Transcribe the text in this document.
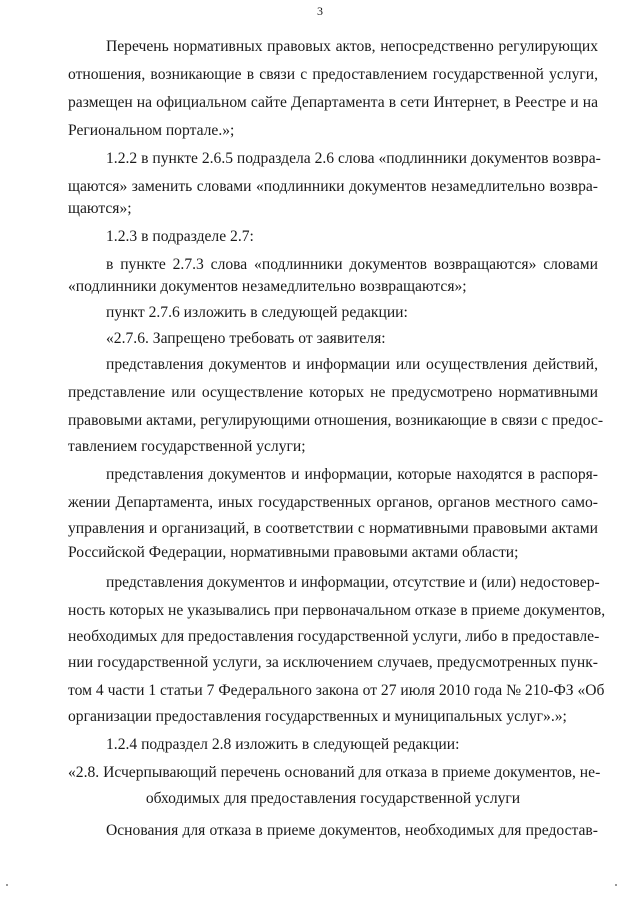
3
Перечень нормативных правовых актов, непосредственно регулирующих
отношения, возникающие в связи с предоставлением государственной услуги,
размещен на официальном сайте Департамента в сети Интернет, в Реестре и на
Региональном портале.»;
1.2.2 в пункте 2.6.5 подраздела 2.6 слова «подлинники документов возвра-
щаются» заменить словами «подлинники документов незамедлительно возвра-
щаются»;
1.2.3 в подразделе 2.7:
в пункте 2.7.3 слова «подлинники документов возвращаются» словами
«подлинники документов незамедлительно возвращаются»;
пункт 2.7.6 изложить в следующей редакции:
«2.7.6. Запрещено требовать от заявителя:
представления документов и информации или осуществления действий,
представление или осуществление которых не предусмотрено нормативными
правовыми актами, регулирующими отношения, возникающие в связи с предос-
тавлением государственной услуги;
представления документов и информации, которые находятся в распоря-
жении Департамента, иных государственных органов, органов местного само-
управления и организаций, в соответствии с нормативными правовыми актами
Российской Федерации, нормативными правовыми актами области;
представления документов и информации, отсутствие и (или) недостовер-
ность которых не указывались при первоначальном отказе в приеме документов,
необходимых для предоставления государственной услуги, либо в предоставле-
нии государственной услуги, за исключением случаев, предусмотренных пунк-
том 4 части 1 статьи 7 Федерального закона от 27 июля 2010 года № 210-ФЗ «Об
организации предоставления государственных и муниципальных услуг».»;
1.2.4 подраздел 2.8 изложить в следующей редакции:
«2.8. Исчерпывающий перечень оснований для отказа в приеме документов, не-
обходимых для предоставления государственной услуги
Основания для отказа в приеме документов, необходимых для предостав-
